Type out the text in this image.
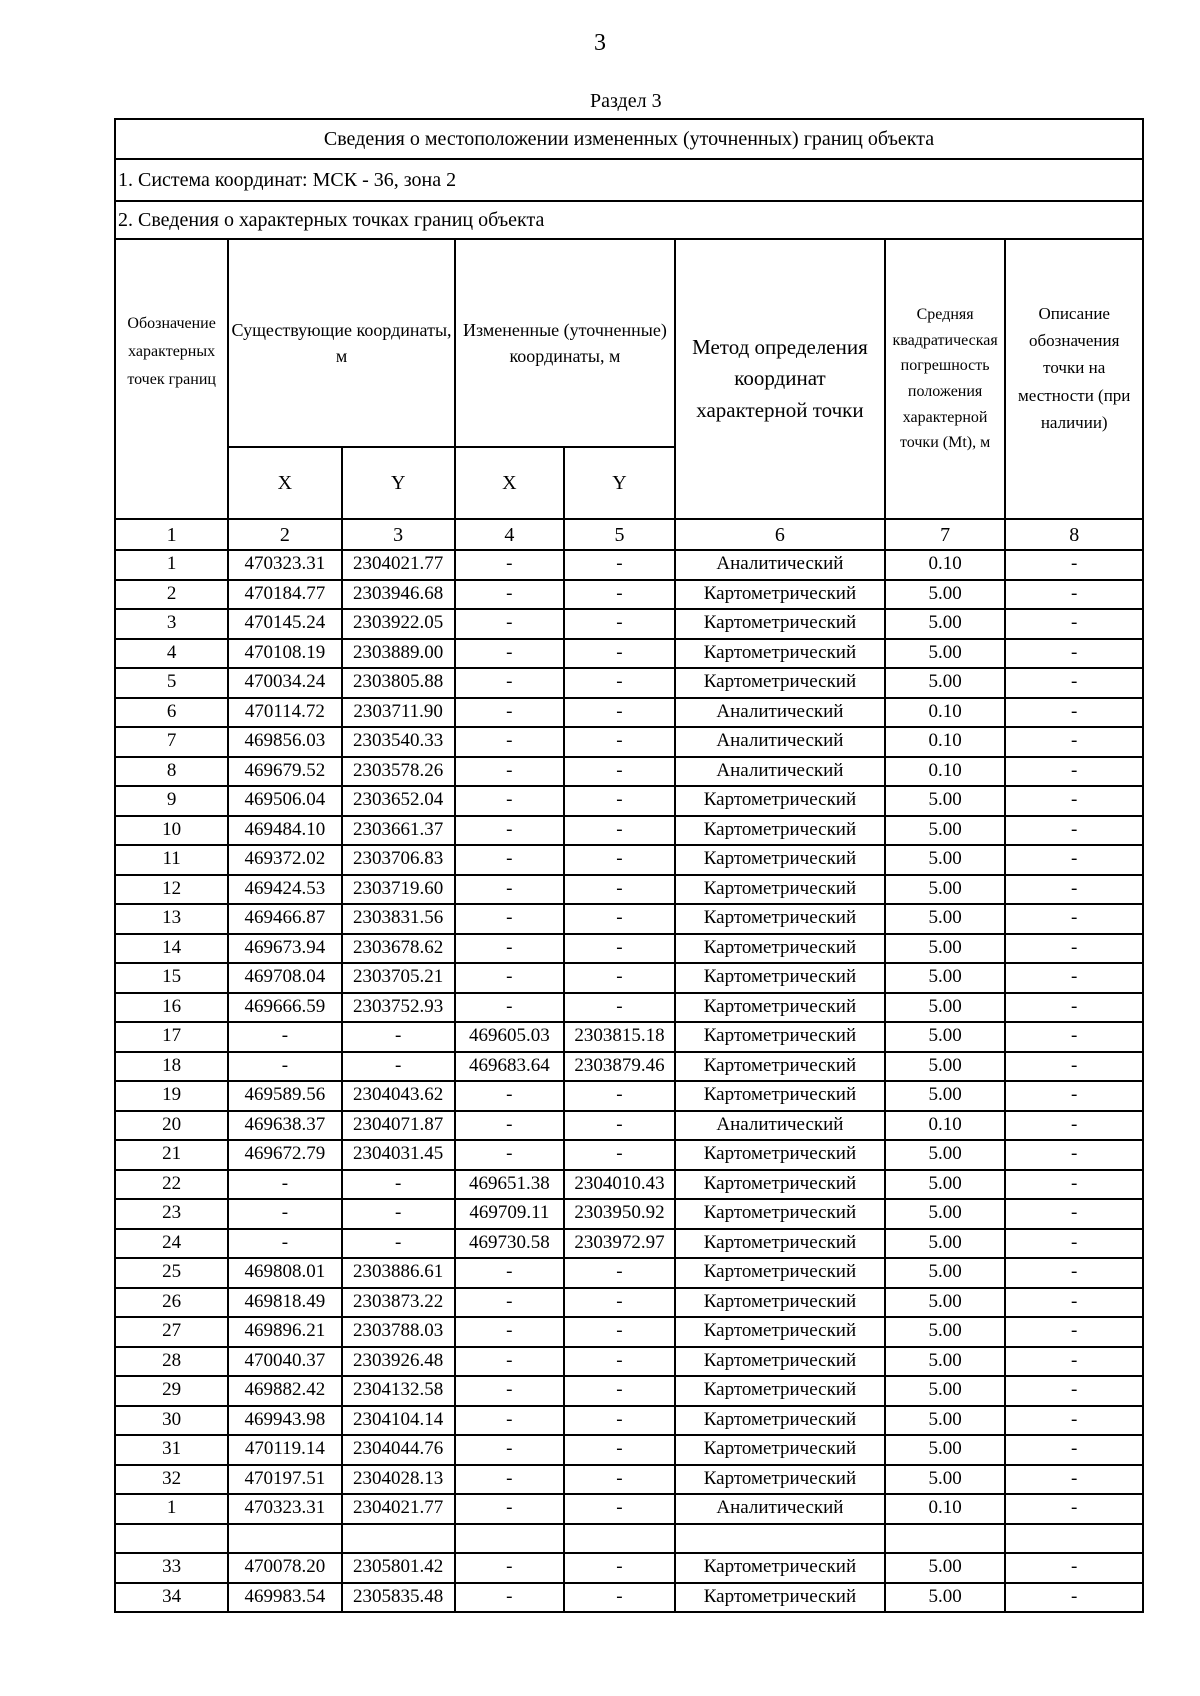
3
Раздел 3
Сведения о местоположении измененных (уточненных) границ объекта							
1. Система координат: МСК - 36, зона 2							
2. Сведения о характерных точках границ объекта							
Обозначение характерных точек границ	Существующие координаты, м		Измененные (уточненные) координаты, м		Метод определения координат характерной точки	Средняя квадратическая погрешность положения характерной точки (Mt), м	Описание обозначения точки на местности (при наличии)
	X	Y	X	Y			
1	2	3	4	5	6	7	8
1	470323.31	2304021.77	-	-	Аналитический	0.10	-
2	470184.77	2303946.68	-	-	Картометрический	5.00	-
3	470145.24	2303922.05	-	-	Картометрический	5.00	-
4	470108.19	2303889.00	-	-	Картометрический	5.00	-
5	470034.24	2303805.88	-	-	Картометрический	5.00	-
6	470114.72	2303711.90	-	-	Аналитический	0.10	-
7	469856.03	2303540.33	-	-	Аналитический	0.10	-
8	469679.52	2303578.26	-	-	Аналитический	0.10	-
9	469506.04	2303652.04	-	-	Картометрический	5.00	-
10	469484.10	2303661.37	-	-	Картометрический	5.00	-
11	469372.02	2303706.83	-	-	Картометрический	5.00	-
12	469424.53	2303719.60	-	-	Картометрический	5.00	-
13	469466.87	2303831.56	-	-	Картометрический	5.00	-
14	469673.94	2303678.62	-	-	Картометрический	5.00	-
15	469708.04	2303705.21	-	-	Картометрический	5.00	-
16	469666.59	2303752.93	-	-	Картометрический	5.00	-
17	-	-	469605.03	2303815.18	Картометрический	5.00	-
18	-	-	469683.64	2303879.46	Картометрический	5.00	-
19	469589.56	2304043.62	-	-	Картометрический	5.00	-
20	469638.37	2304071.87	-	-	Аналитический	0.10	-
21	469672.79	2304031.45	-	-	Картометрический	5.00	-
22	-	-	469651.38	2304010.43	Картометрический	5.00	-
23	-	-	469709.11	2303950.92	Картометрический	5.00	-
24	-	-	469730.58	2303972.97	Картометрический	5.00	-
25	469808.01	2303886.61	-	-	Картометрический	5.00	-
26	469818.49	2303873.22	-	-	Картометрический	5.00	-
27	469896.21	2303788.03	-	-	Картометрический	5.00	-
28	470040.37	2303926.48	-	-	Картометрический	5.00	-
29	469882.42	2304132.58	-	-	Картометрический	5.00	-
30	469943.98	2304104.14	-	-	Картометрический	5.00	-
31	470119.14	2304044.76	-	-	Картометрический	5.00	-
32	470197.51	2304028.13	-	-	Картометрический	5.00	-
1	470323.31	2304021.77	-	-	Аналитический	0.10	-

33	470078.20	2305801.42	-	-	Картометрический	5.00	-
34	469983.54	2305835.48	-	-	Картометрический	5.00	-
